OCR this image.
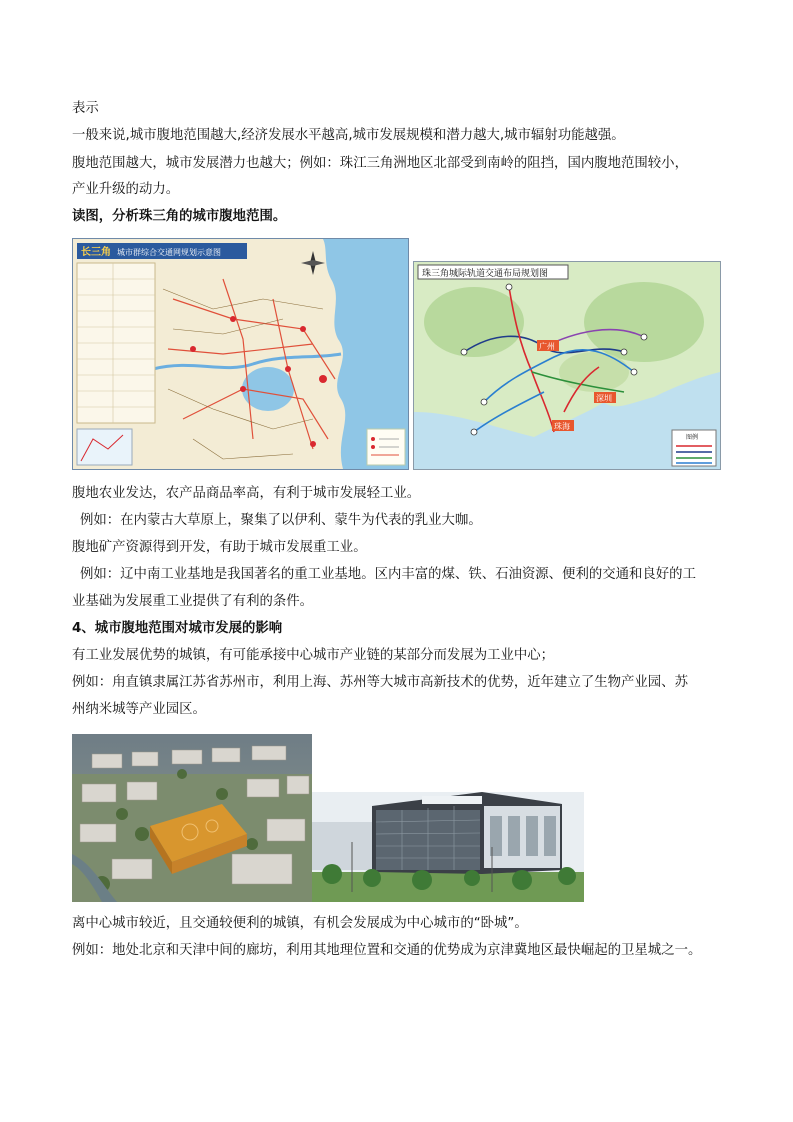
表示
一般来说,城市腹地范围越大,经济发展水平越高,城市发展规模和潜力越大,城市辐射功能越强。
腹地范围越大，城市发展潜力也越大；例如：珠江三角洲地区北部受到南岭的阻挡，国内腹地范围较小，
产业升级的动力。
读图，分析珠三角的城市腹地范围。
长三角 城市群综合交通网规划示意图
珠三角城际轨道交通布局规划图
广州
深圳
珠海
图例
腹地农业发达，农产品商品率高，有利于城市发展轻工业。
例如：在内蒙古大草原上，聚集了以伊利、蒙牛为代表的乳业大咖。
腹地矿产资源得到开发，有助于城市发展重工业。
例如：辽中南工业基地是我国著名的重工业基地。区内丰富的煤、铁、石油资源、便利的交通和良好的工
业基础为发展重工业提供了有利的条件。
4、城市腹地范围对城市发展的影响
有工业发展优势的城镇，有可能承接中心城市产业链的某部分而发展为工业中心；
例如：甪直镇隶属江苏省苏州市，利用上海、苏州等大城市高新技术的优势，近年建立了生物产业园、苏
州纳米城等产业园区。
离中心城市较近，且交通较便利的城镇，有机会发展成为中心城市的“卧城”。
例如：地处北京和天津中间的廊坊，利用其地理位置和交通的优势成为京津冀地区最快崛起的卫星城之一。
